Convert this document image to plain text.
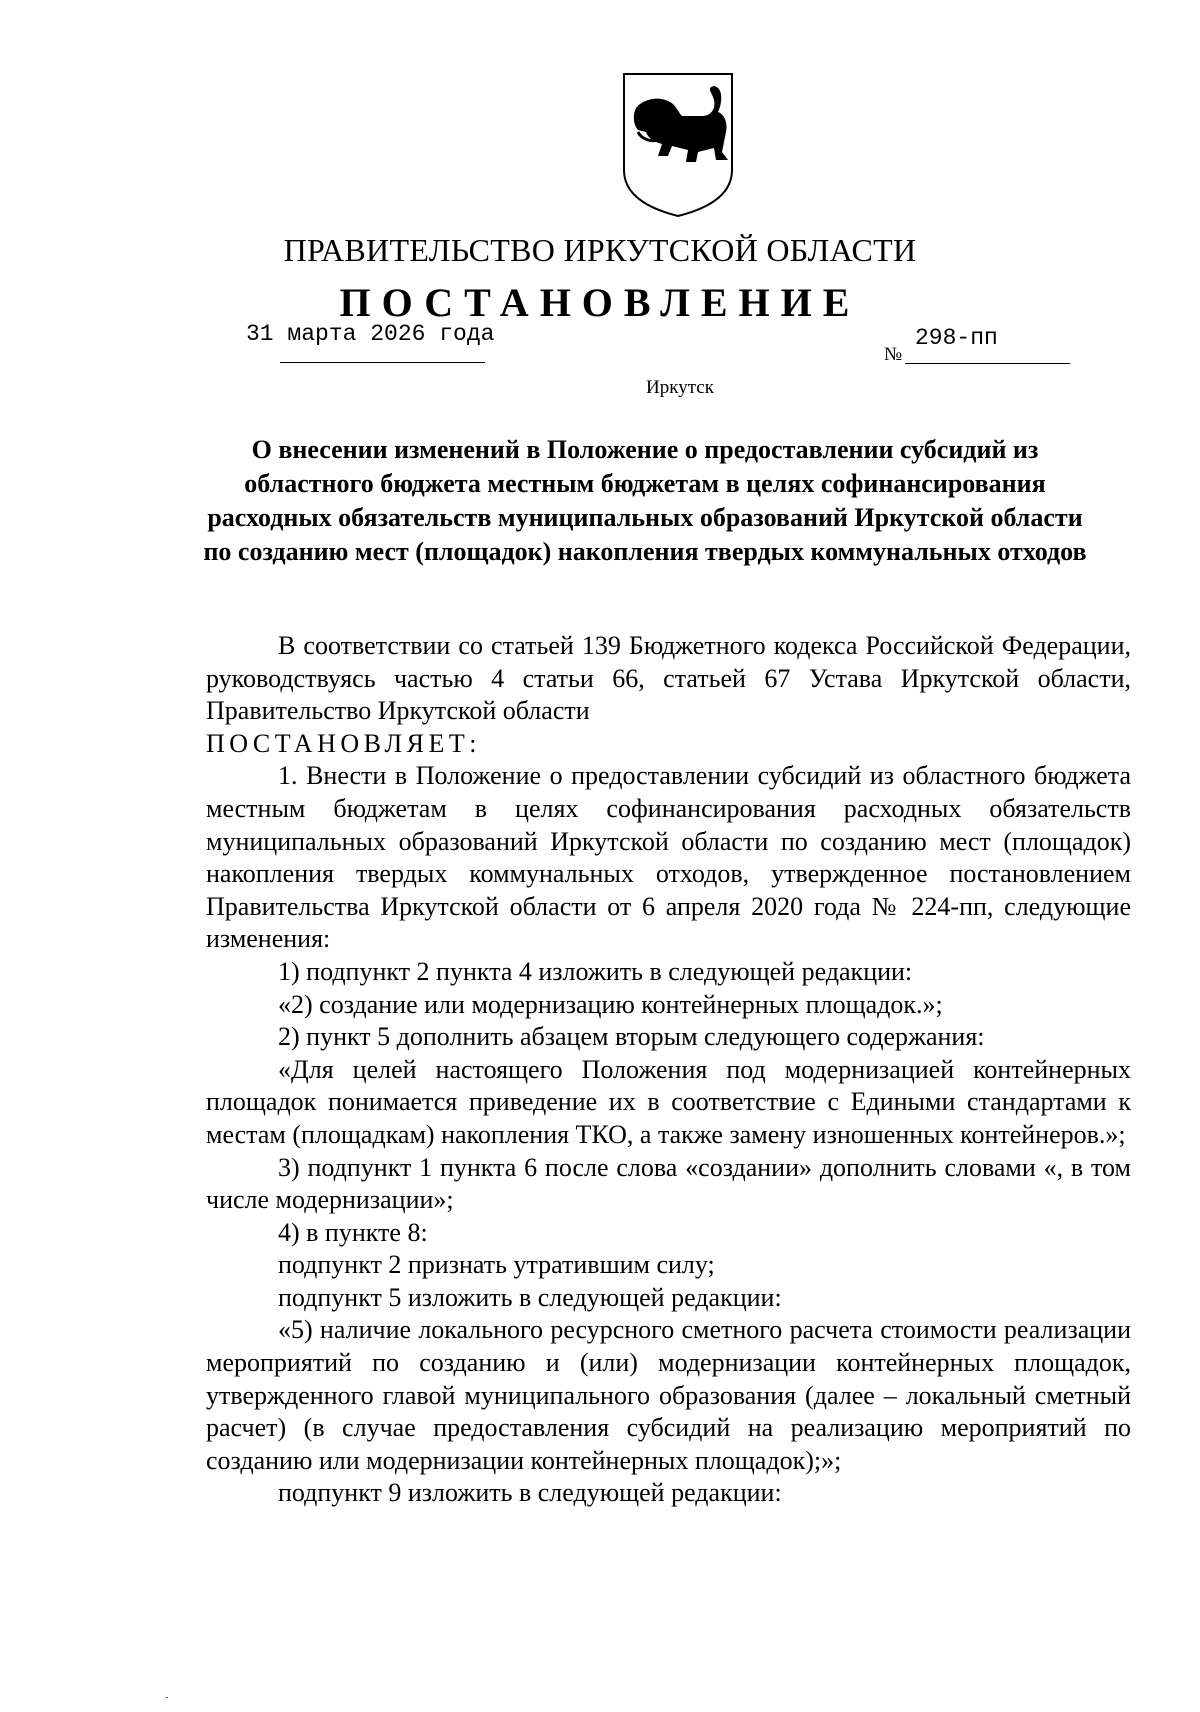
ПРАВИТЕЛЬСТВО ИРКУТСКОЙ ОБЛАСТИ
ПОСТАНОВЛЕНИЕ
31 марта 2026 года
№
298-пп
Иркутск
О внесении изменений в Положение о предоставлении субсидий из областного бюджета местным бюджетам в целях софинансирования расходных обязательств муниципальных образований Иркутской области по созданию мест (площадок) накопления твердых коммунальных отходов

В соответствии со статьей 139 Бюджетного кодекса Российской Федерации, руководствуясь частью 4 статьи 66, статьей 67 Устава Иркутской области, Правительство Иркутской области

ПОСТАНОВЛЯЕТ:

1. Внести в Положение о предоставлении субсидий из областного бюджета местным бюджетам в целях софинансирования расходных обязательств муниципальных образований Иркутской области по созданию мест (площадок) накопления твердых коммунальных отходов, утвержденное постановлением Правительства Иркутской области от 6 апреля 2020 года № 224-пп, следующие изменения:

1) подпункт 2 пункта 4 изложить в следующей редакции:

«2) создание или модернизацию контейнерных площадок.»;

2) пункт 5 дополнить абзацем вторым следующего содержания:

«Для целей настоящего Положения под модернизацией контейнерных площадок понимается приведение их в соответствие с Едиными стандартами к местам (площадкам) накопления ТКО, а также замену изношенных контейнеров.»;

3) подпункт 1 пункта 6 после слова «создании» дополнить словами «, в том числе модернизации»;

4) в пункте 8:

подпункт 2 признать утратившим силу;

подпункт 5 изложить в следующей редакции:

«5) наличие локального ресурсного сметного расчета стоимости реализации мероприятий по созданию и (или) модернизации контейнерных площадок, утвержденного главой муниципального образования (далее – локальный сметный расчет) (в случае предоставления субсидий на реализацию мероприятий по созданию или модернизации контейнерных площадок);»;

подпункт 9 изложить в следующей редакции:

-
